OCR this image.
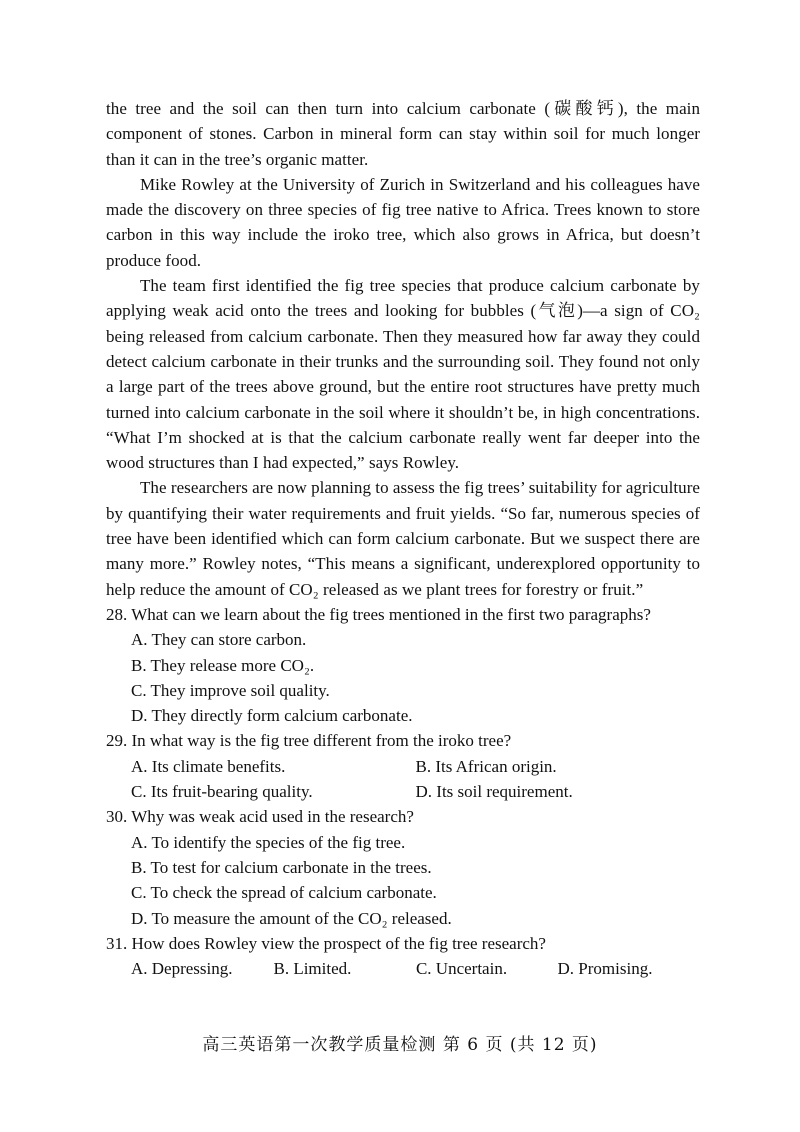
the tree and the soil can then turn into calcium carbonate (碳酸钙), the main component of stones. Carbon in mineral form can stay within soil for much longer than it can in the tree’s organic matter.

Mike Rowley at the University of Zurich in Switzerland and his colleagues have made the discovery on three species of fig tree native to Africa. Trees known to store carbon in this way include the iroko tree, which also grows in Africa, but doesn’t produce food.

The team first identified the fig tree species that produce calcium carbonate by applying weak acid onto the trees and looking for bubbles (气泡)—a sign of CO₂ being released from calcium carbonate. Then they measured how far away they could detect calcium carbonate in their trunks and the surrounding soil. They found not only a large part of the trees above ground, but the entire root structures have pretty much turned into calcium carbonate in the soil where it shouldn’t be, in high concentrations. “What I’m shocked at is that the calcium carbonate really went far deeper into the wood structures than I had expected,” says Rowley.

The researchers are now planning to assess the fig trees’ suitability for agriculture by quantifying their water requirements and fruit yields. “So far, numerous species of tree have been identified which can form calcium carbonate. But we suspect there are many more.” Rowley notes, “This means a significant, underexplored opportunity to help reduce the amount of CO₂ released as we plant trees for forestry or fruit.”

28. What can we learn about the fig trees mentioned in the first two paragraphs?

A. They can store carbon.
B. They release more CO₂.
C. They improve soil quality.
D. They directly form calcium carbonate.

29. In what way is the fig tree different from the iroko tree?

A. Its climate benefits.	B. Its African origin.
C. Its fruit-bearing quality.	D. Its soil requirement.

30. Why was weak acid used in the research?

A. To identify the species of the fig tree.
B. To test for calcium carbonate in the trees.
C. To check the spread of calcium carbonate.
D. To measure the amount of the CO₂ released.

31. How does Rowley view the prospect of the fig tree research?

A. Depressing.	B. Limited.	C. Uncertain.	D. Promising.
高三英语第一次教学质量检测 第 6 页 (共 12 页)
